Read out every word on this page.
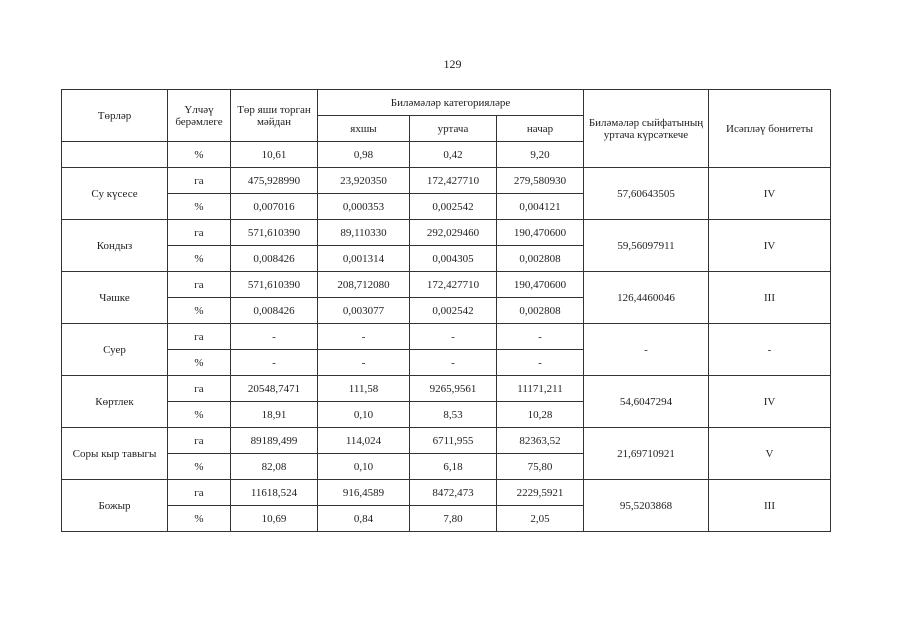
129
Төрләр	Үлчәү берәмлеге	Төр яши торган мәйдан	Биләмәләр категорияләре			Биләмәләр сыйфатының уртача күрсәткече	Исәпләү бонитеты
			яхшы	уртача	начар		
	%	10,61	0,98	0,42	9,20		
Су күсесе	га	475,928990	23,920350	172,427710	279,580930	57,60643505	IV
	%	0,007016	0,000353	0,002542	0,004121		
Кондыз	га	571,610390	89,110330	292,029460	190,470600	59,56097911	IV
	%	0,008426	0,001314	0,004305	0,002808		
Чәшке	га	571,610390	208,712080	172,427710	190,470600	126,4460046	III
	%	0,008426	0,003077	0,002542	0,002808		
Суер	га	-	-	-	-	-	-
	%	-	-	-	-		
Көртлек	га	20548,7471	111,58	9265,9561	11171,211	54,6047294	IV
	%	18,91	0,10	8,53	10,28		
Соры кыр тавыгы	га	89189,499	114,024	6711,955	82363,52	21,69710921	V
	%	82,08	0,10	6,18	75,80		
Божыр	га	11618,524	916,4589	8472,473	2229,5921	95,5203868	III
	%	10,69	0,84	7,80	2,05		
